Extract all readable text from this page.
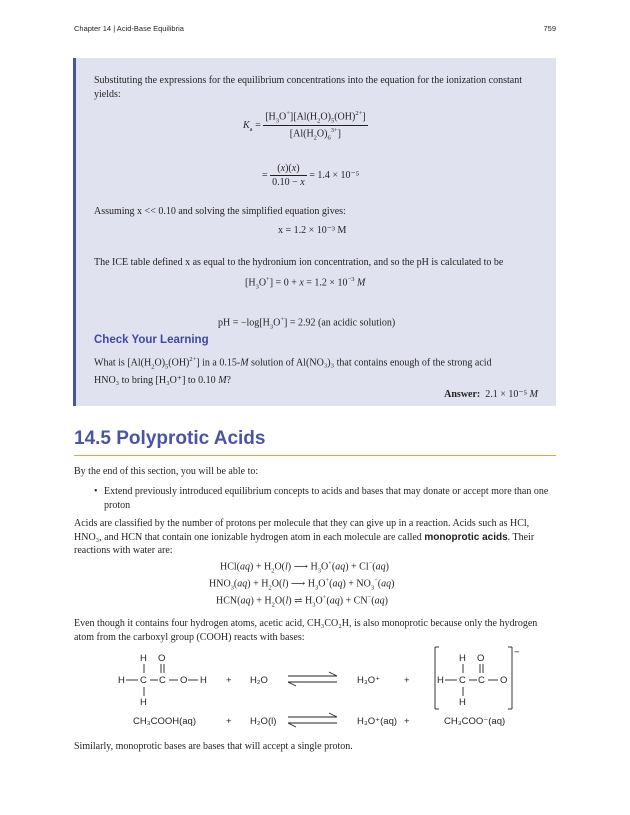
Chapter 14 | Acid-Base Equilibria	759
Substituting the expressions for the equilibrium concentrations into the equation for the ionization constant yields:
$K_a = \frac{[H_3O^+][Al(H_2O)_5(OH)^{2+}]}{[Al(H_2O)_6^{3+}]}$
= $\frac{(x)(x)}{0.10 - x} = 1.4 \times 10^{-5}$
Assuming x << 0.10 and solving the simplified equation gives:
x = 1.2 × 10⁻³ M
The ICE table defined x as equal to the hydronium ion concentration, and so the pH is calculated to be
$[H_3O^+] = 0 + x = 1.2 \times 10^{-3}$ M
pH = $-\log[H_3O^+] = 2.92$ (an acidic solution)
Check Your Learning
What is $[Al(H_2O)_5(OH)^{2+}]$ in a 0.15-M solution of Al(NO₃)₃ that contains enough of the strong acid
HNO₃ to bring [H₃O⁺] to 0.10 M?
Answer: 2.1 × 10⁻⁵ M
14.5 Polyprotic Acids
By the end of this section, you will be able to:
• Extend previously introduced equilibrium concepts to acids and bases that may donate or accept more than one proton
Acids are classified by the number of protons per molecule that they can give up in a reaction. Acids such as HCl, HNO₃, and HCN that contain one ionizable hydrogen atom in each molecule are called monoprotic acids. Their reactions with water are:
$HCl(aq) + H_2O(l)$ ⟶ $H_3O^+(aq) + Cl^-(aq)$
$HNO_3(aq) + H_2O(l)$ ⟶ $H_3O^+(aq) + NO_3^-(aq)$
$HCN(aq) + H_2O(l)$ ⇌ $H_3O^+(aq) + CN^-(aq)$
Even though it contains four hydrogen atoms, acetic acid, CH₃CO₂H, is also monoprotic because only the hydrogen atom from the carboxyl group (COOH) reacts with bases:
H O
H C C O H
H
+ H₂O	H₃O⁺	+
H O
H C C O
H
−
CH₃COOH(aq)	+ H₂O(l)	H₃O⁺(aq) +	CH₃COO⁻(aq)
Similarly, monoprotic bases are bases that will accept a single proton.
